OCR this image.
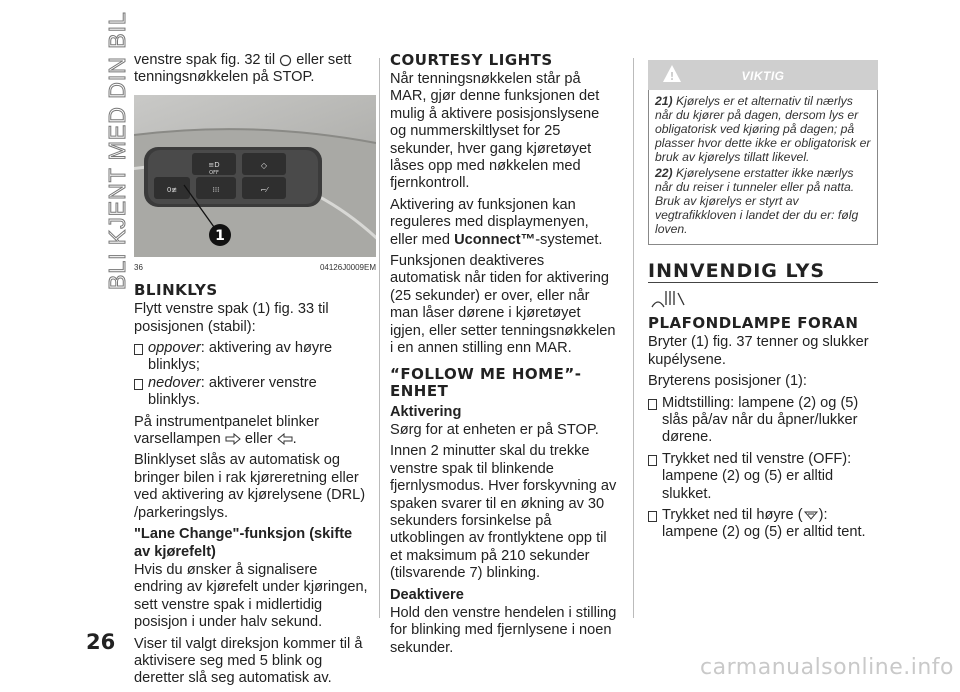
BLI KJENT MED DIN BIL venstre spak fig. 32 til eller sett tenningsnøkkelen på STOP.

≡D
OFF
◇
0≢	⁞⁞⁞	⌐⁄
1
36	04126J0009EM
BLINKLYS

Flytt venstre spak (1) fig. 33 til posisjonen (stabil):

oppover: aktivering av høyre blinklys;

nedover: aktiverer venstre blinklys.

På instrumentpanelet blinker varsellampen eller .

Blinklyset slås av automatisk og bringer bilen i rak kjøreretning eller ved aktivering av kjørelysene (DRL) /parkeringslys.

"Lane Change"-funksjon (skifte av kjørefelt)

Hvis du ønsker å signalisere endring av kjørefelt under kjøringen, sett venstre spak i midlertidig posisjon i under halv sekund.

Viser til valgt direksjon kommer til å aktivisere seg med 5 blink og deretter slå seg automatisk av.

COURTESY LIGHTS

Når tenningsnøkkelen står på MAR, gjør denne funksjonen det mulig å aktivere posisjonslysene og nummerskiltlyset for 25 sekunder, hver gang kjøretøyet låses opp med nøkkelen med fjernkontroll.

Aktivering av funksjonen kan reguleres med displaymenyen, eller med Uconnect™-systemet.

Funksjonen deaktiveres automatisk når tiden for aktivering (25 sekunder) er over, eller når man låser dørene i kjøretøyet igjen, eller setter tenningsnøkkelen i en annen stilling enn MAR.

“FOLLOW ME HOME”-ENHET
Aktivering

Sørg for at enheten er på STOP.

Innen 2 minutter skal du trekke venstre spak til blinkende fjernlysmodus. Hver forskyvning av spaken svarer til en økning av 30 sekunders forsinkelse på utkoblingen av frontlyktene opp til et maksimum på 210 sekunder (tilsvarende 7) blinking.

Deaktivere

Hold den venstre hendelen i stilling for blinking med fjernlysene i noen sekunder.

!	VIKTIG

21) Kjørelys er et alternativ til nærlys når du kjører på dagen, dersom lys er obligatorisk ved kjøring på dagen; på plasser hvor dette ikke er obligatorisk er bruk av kjørelys tillatt likevel.

22) Kjørelysene erstatter ikke nærlys når du reiser i tunneler eller på natta. Bruk av kjørelys er styrt av vegtrafikkloven i landet der du er: følg loven.

INNVENDIG LYS
PLAFONDLAMPE FORAN

Bryter (1) fig. 37 tenner og slukker kupélysene.

Bryterens posisjoner (1):

Midtstilling: lampene (2) og (5) slås på/av når du åpner/lukker dørene.

Trykket ned til venstre (OFF): lampene (2) og (5) er alltid slukket.

Trykket ned til høyre ( ): lampene (2) og (5) er alltid tent.

26
carmanualsonline.info
